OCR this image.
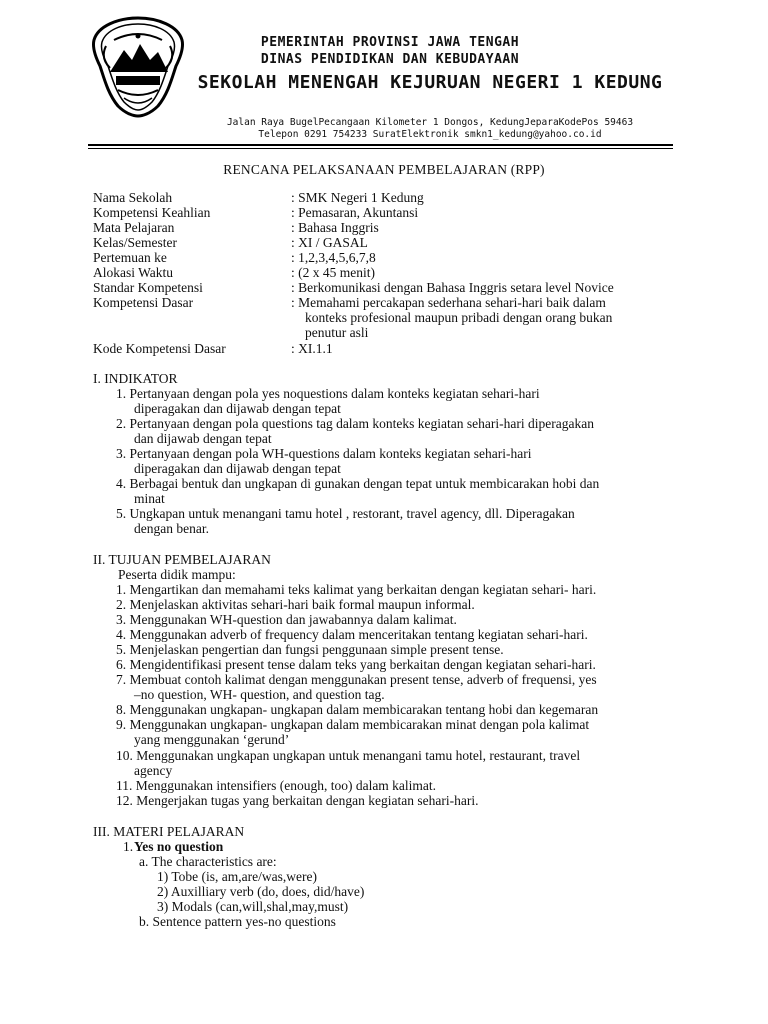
PEMERINTAH PROVINSI JAWA TENGAH
DINAS PENDIDIKAN DAN KEBUDAYAAN
SEKOLAH MENENGAH KEJURUAN NEGERI 1 KEDUNG
Jalan Raya BugelPecangaan Kilometer 1 Dongos, KedungJeparaKodePos 59463
Telepon 0291 754233 SuratElektronik smkn1_kedung@yahoo.co.id
RENCANA PELAKSANAAN PEMBELAJARAN (RPP)
Nama Sekolah	: SMK Negeri 1 Kedung
Kompetensi Keahlian	: Pemasaran, Akuntansi
Mata Pelajaran	: Bahasa Inggris
Kelas/Semester	: XI / GASAL
Pertemuan ke	: 1,2,3,4,5,6,7,8
Alokasi Waktu	: (2 x 45 menit)
Standar Kompetensi	: Berkomunikasi dengan Bahasa Inggris setara level Novice
Kompetensi Dasar	: Memahami percakapan sederhana sehari-hari baik dalam
konteks profesional maupun pribadi dengan orang bukan
penutur asli
Kode Kompetensi Dasar	: XI.1.1
I. INDIKATOR
1. Pertanyaan dengan pola yes noquestions dalam konteks kegiatan sehari-hari
diperagakan dan dijawab dengan tepat
2. Pertanyaan dengan pola questions tag dalam konteks kegiatan sehari-hari diperagakan
dan dijawab dengan tepat
3. Pertanyaan dengan pola WH-questions dalam konteks kegiatan sehari-hari
diperagakan dan dijawab dengan tepat
4. Berbagai bentuk dan ungkapan di gunakan dengan tepat untuk membicarakan hobi dan
minat
5. Ungkapan untuk menangani tamu hotel , restorant, travel agency, dll. Diperagakan
dengan benar.
II. TUJUAN PEMBELAJARAN
Peserta didik mampu:
1. Mengartikan dan memahami teks kalimat yang berkaitan dengan kegiatan sehari- hari.
2. Menjelaskan aktivitas sehari-hari baik formal maupun informal.
3. Menggunakan WH-question dan jawabannya dalam kalimat.
4. Menggunakan adverb of frequency dalam menceritakan tentang kegiatan sehari-hari.
5. Menjelaskan pengertian dan fungsi penggunaan simple present tense.
6. Mengidentifikasi present tense dalam teks yang berkaitan dengan kegiatan sehari-hari.
7. Membuat contoh kalimat dengan menggunakan present tense, adverb of frequensi, yes
–no question, WH- question, and question tag.
8. Menggunakan ungkapan- ungkapan dalam membicarakan tentang hobi dan kegemaran
9. Menggunakan ungkapan- ungkapan dalam membicarakan minat dengan pola kalimat
yang menggunakan ‘gerund’
10. Menggunakan ungkapan ungkapan untuk menangani tamu hotel, restaurant, travel
agency
11. Menggunakan intensifiers (enough, too) dalam kalimat.
12. Mengerjakan tugas yang berkaitan dengan kegiatan sehari-hari.
III. MATERI PELAJARAN
1. Yes no question
a. The characteristics are:
1) Tobe (is, am,are/was,were)
2) Auxilliary verb (do, does, did/have)
3) Modals (can,will,shal,may,must)
b. Sentence pattern yes-no questions
